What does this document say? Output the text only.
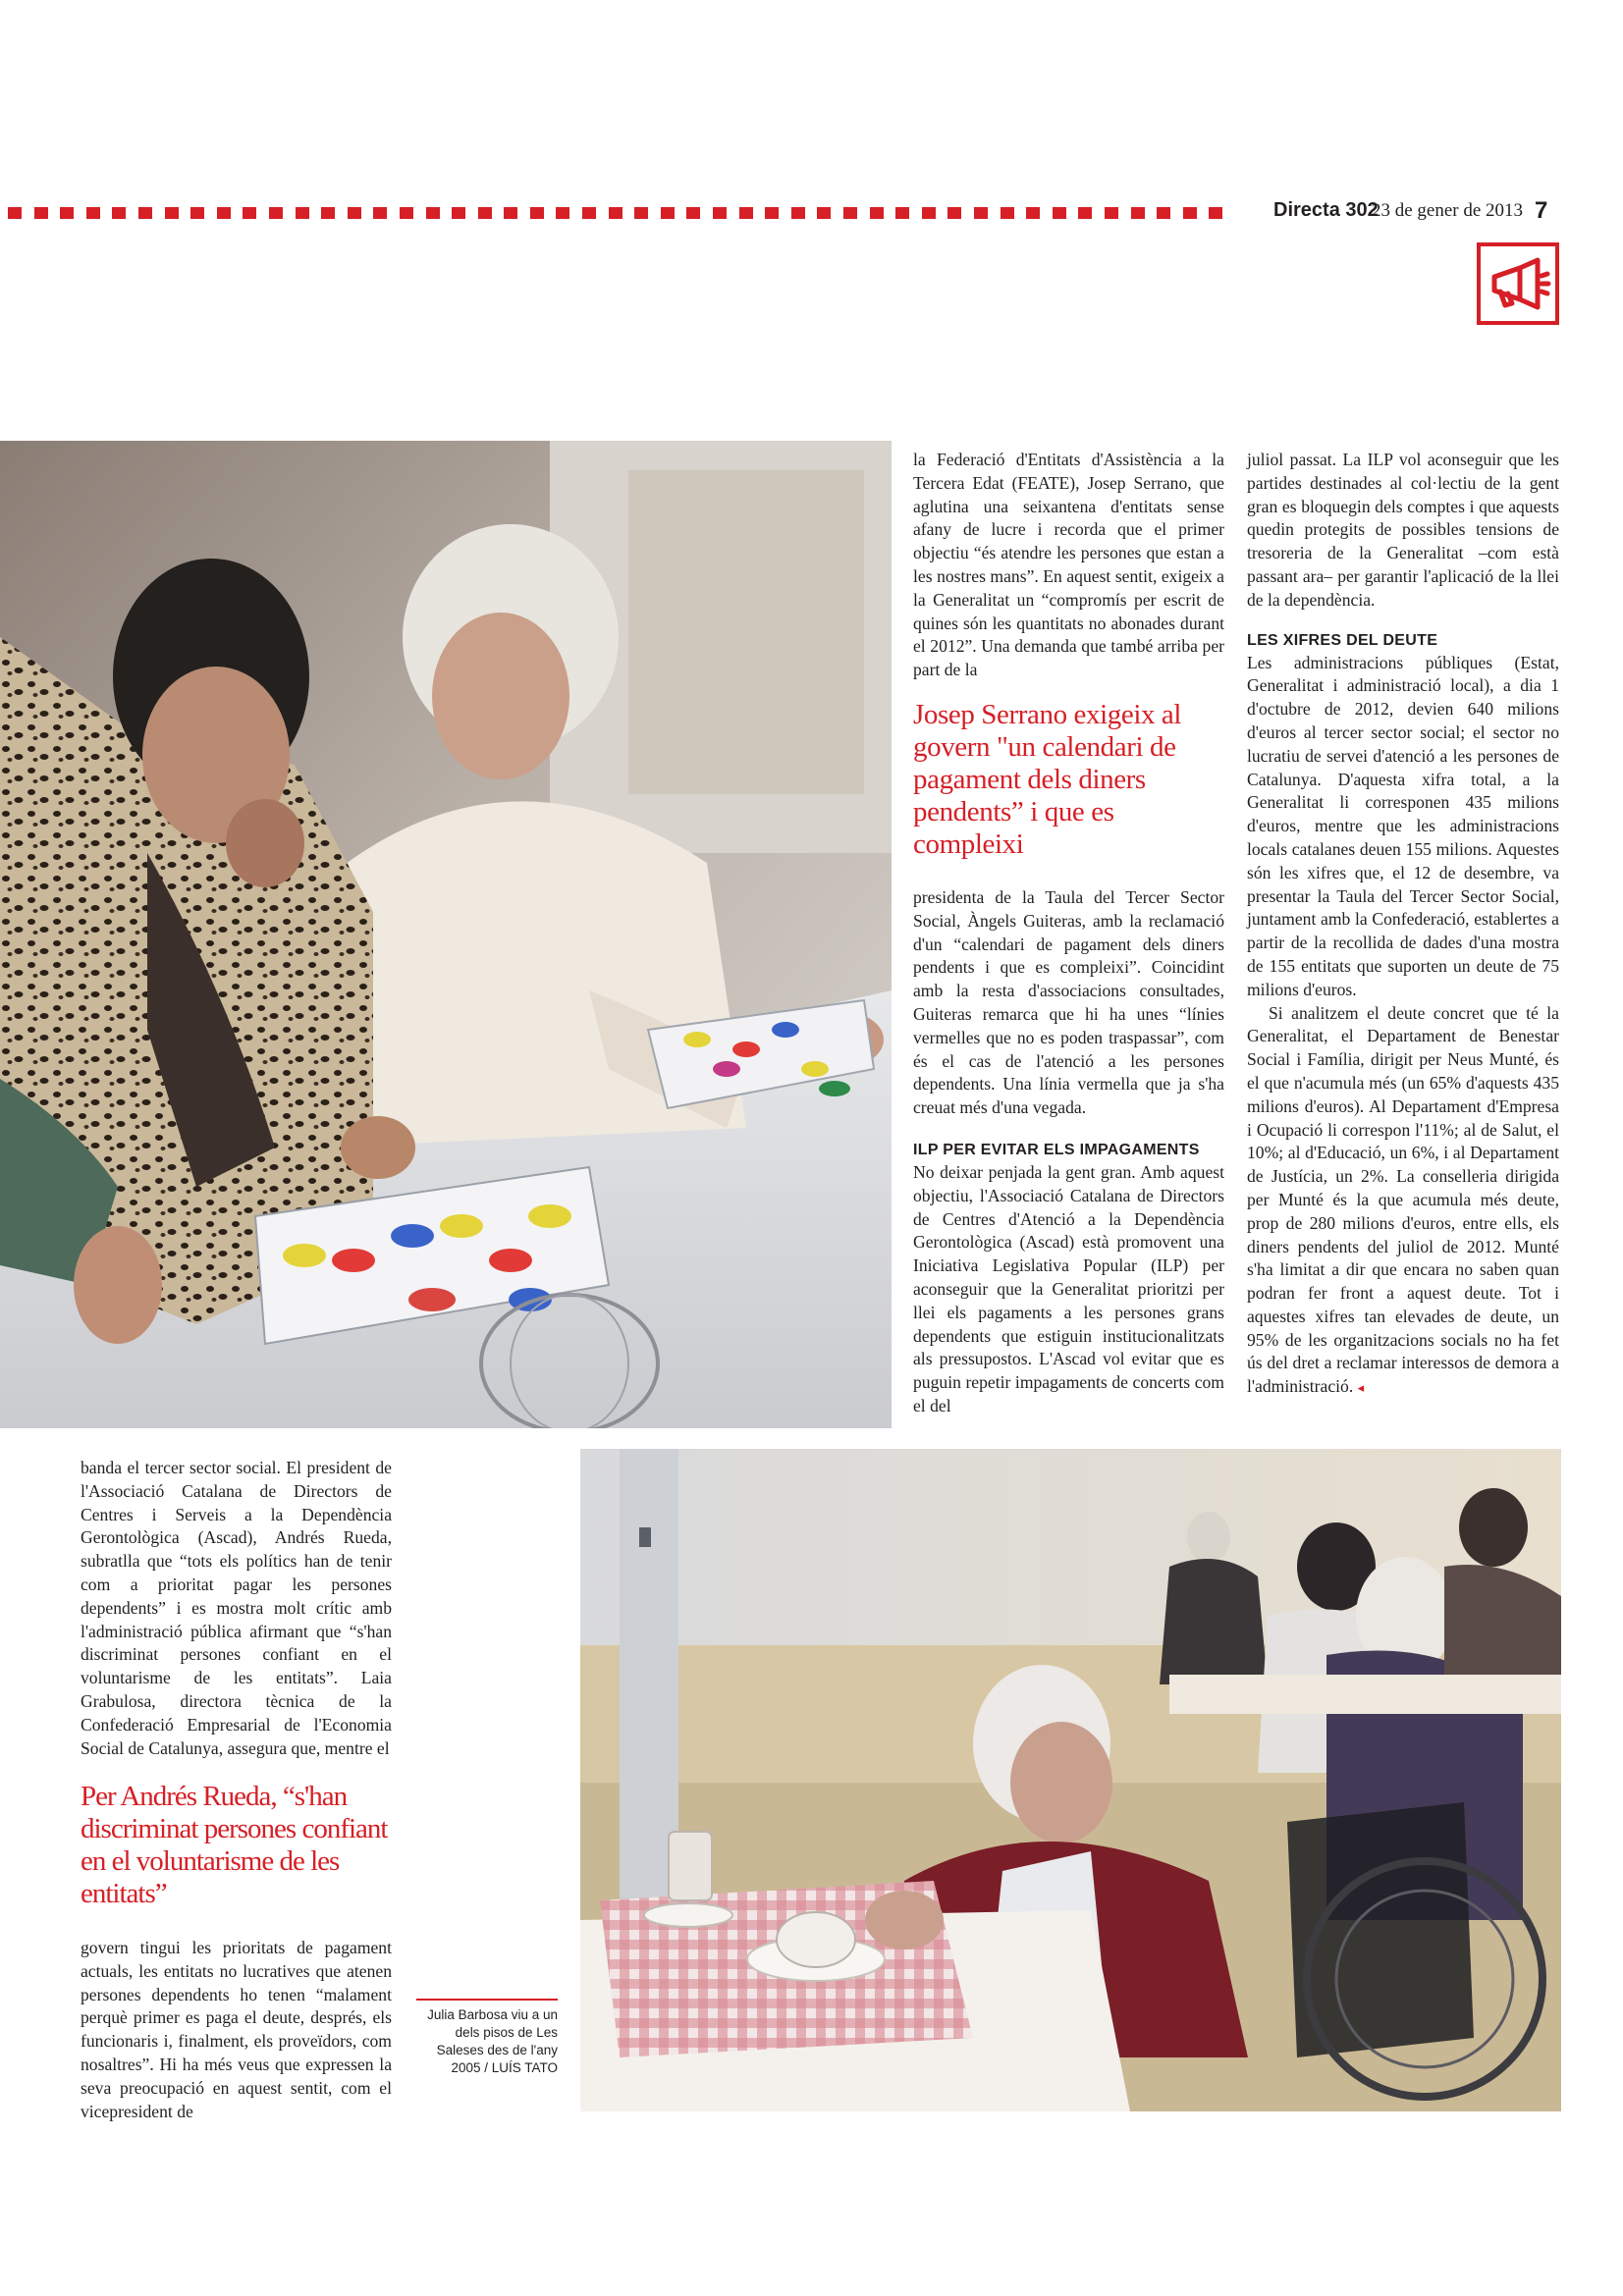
Directa 302
23 de gener de 2013 7

la Federació d'Entitats d'Assistència a la Tercera Edat (FEATE), Josep Serrano, que aglutina una seixantena d'entitats sense afany de lucre i recorda que el primer objectiu “és atendre les persones que estan a les nostres mans”. En aquest sentit, exigeix a la Generalitat un “compromís per escrit de quines són les quantitats no abonades durant el 2012”. Una demanda que també arriba per part de la

Josep Serrano exigeix al govern "un calendari de pagament dels diners pendents” i que es compleixi

presidenta de la Taula del Tercer Sector Social, Àngels Guiteras, amb la reclamació d'un “calendari de pagament dels diners pendents i que es compleixi”. Coincidint amb la resta d'associacions consultades, Guiteras remarca que hi ha unes “línies vermelles que no es poden traspassar”, com és el cas de l'atenció a les persones dependents. Una línia vermella que ja s'ha creuat més d'una vegada.

ILP PER EVITAR ELS IMPAGAMENTS

No deixar penjada la gent gran. Amb aquest objectiu, l'Associació Catalana de Directors de Centres d'Atenció a la Dependència Gerontològica (Ascad) està promovent una Iniciativa Legislativa Popular (ILP) per aconseguir que la Generalitat prioritzi per llei els pagaments a les persones grans dependents que estiguin institucionalitzats als pressupostos. L'Ascad vol evitar que es puguin repetir impagaments de concerts com el del

juliol passat. La ILP vol aconseguir que les partides destinades al col·lectiu de la gent gran es bloquegin dels comptes i que aquests quedin protegits de possibles tensions de tresoreria de la Generalitat –com està passant ara– per garantir l'aplicació de la llei de la dependència.

LES XIFRES DEL DEUTE

Les administracions públiques (Estat, Generalitat i administració local), a dia 1 d'octubre de 2012, devien 640 milions d'euros al tercer sector social; el sector no lucratiu de servei d'atenció a les persones de Catalunya. D'aquesta xifra total, a la Generalitat li corresponen 435 milions d'euros, mentre que les administracions locals catalanes deuen 155 milions. Aquestes són les xifres que, el 12 de desembre, va presentar la Taula del Tercer Sector Social, juntament amb la Confederació, establertes a partir de la recollida de dades d'una mostra de 155 entitats que suporten un deute de 75 milions d'euros.

Si analitzem el deute concret que té la Generalitat, el Departament de Benestar Social i Família, dirigit per Neus Munté, és el que n'acumula més (un 65% d'aquests 435 milions d'euros). Al Departament d'Empresa i Ocupació li correspon l'11%; al de Salut, el 10%; al d'Educació, un 6%, i al Departament de Justícia, un 2%. La conselleria dirigida per Munté és la que acumula més deute, prop de 280 milions d'euros, entre ells, els diners pendents del juliol de 2012. Munté s'ha limitat a dir que encara no saben quan podran fer front a aquest deute. Tot i aquestes xifres tan elevades de deute, un 95% de les organitzacions socials no ha fet ús del dret a reclamar interessos de demora a l'administració. ◂

banda el tercer sector social. El president de l'Associació Catalana de Directors de Centres i Serveis a la Dependència Gerontològica (Ascad), Andrés Rueda, subratlla que “tots els polítics han de tenir com a prioritat pagar les persones dependents” i es mostra molt crític amb l'administració pública afirmant que “s'han discriminat persones confiant en el voluntarisme de les entitats”. Laia Grabulosa, directora tècnica de la Confederació Empresarial de l'Economia Social de Catalunya, assegura que, mentre el

Per Andrés Rueda, “s'han discriminat persones confiant en el voluntarisme de les entitats”

govern tingui les prioritats de pagament actuals, les entitats no lucratives que atenen persones dependents ho tenen “malament perquè primer es paga el deute, després, els funcionaris i, finalment, els proveïdors, com nosaltres”. Hi ha més veus que expressen la seva preocupació en aquest sentit, com el vicepresident de

Julia Barbosa viu a un dels pisos de Les Saleses des de l'any 2005 / LUÍS TATO
